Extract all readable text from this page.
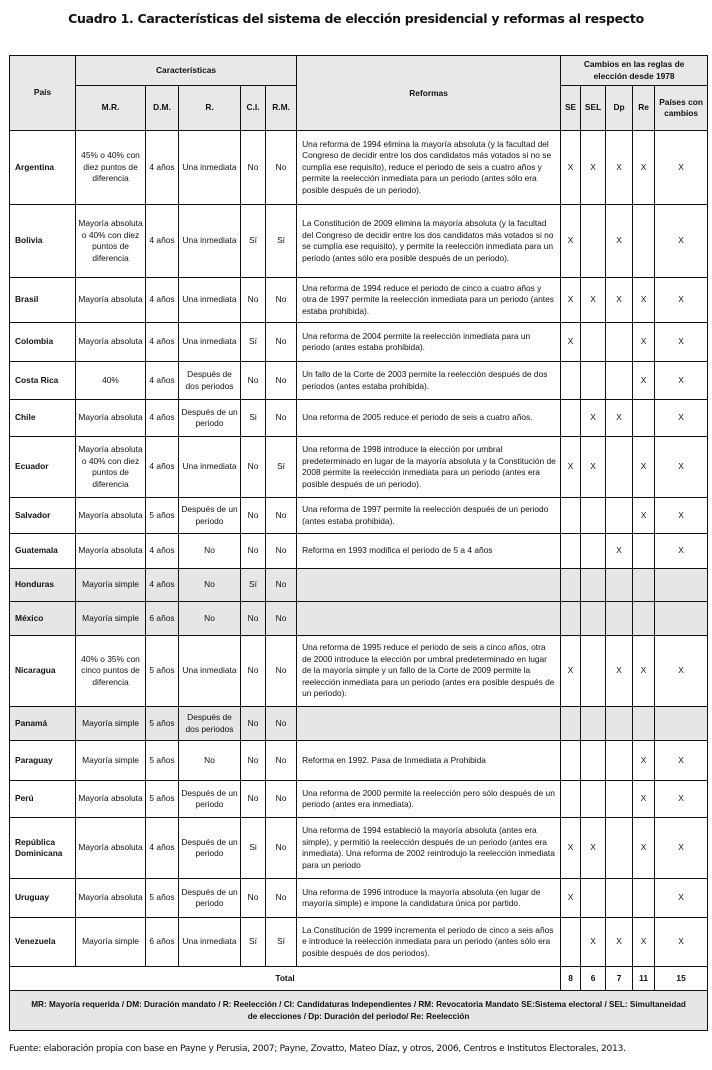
Cuadro 1. Características del sistema de elección presidencial y reformas al respecto
País	Características					Reformas	Cambios en las reglas de elección desde 1978				
	M.R.	D.M.	R.	C.I.	R.M.		SE	SEL	Dp	Re	Países con cambios
Argentina	45% o 40% con diez puntos de diferencia	4 años	Una inmediata	No	No	Una reforma de 1994 elimina la mayoría absoluta (y la facultad del Congreso de decidir entre los dos candidatos más votados si no se cumplía ese requisito), reduce el periodo de seis a cuatro años y permite la reelección inmediata para un periodo (antes sólo era posible después de un periodo).	X	X	X	X	X
Bolivia	Mayoría absoluta o 40% con diez puntos de diferencia	4 años	Una inmediata	Sí	Sí	La Constitución de 2009 elimina la mayoría absoluta (y la facultad del Congreso de decidir entre los dos candidatos más votados si no se cumplía ese requisito), y permite la reelección inmediata para un periodo (antes sólo era posible después de un periodo).	X		X		X
Brasil	Mayoría absoluta	4 años	Una inmediata	No	No	Una reforma de 1994 reduce el periodo de cinco a cuatro años y otra de 1997 permite la reelección inmediata para un periodo (antes estaba prohibida).	X	X	X	X	X
Colombia	Mayoría absoluta	4 años	Una inmediata	Sí	No	Una reforma de 2004 permite la reelección inmediata para un periodo (antes estaba prohibida).	X			X	X
Costa Rica	40%	4 años	Después de dos periodos	No	No	Un fallo de la Corte de 2003 permite la reelección después de dos periodos (antes estaba prohibida).				X	X
Chile	Mayoría absoluta	4 años	Después de un periodo	Si	No	Una reforma de 2005 reduce el periodo de seis a cuatro años.		X	X		X
Ecuador	Mayoría absoluta o 40% con diez puntos de diferencia	4 años	Una inmediata	No	Sí	Una reforma de 1998 introduce la elección por umbral predeterminado en lugar de la mayoría absoluta y la Constitución de 2008 permite la reelección inmediata para un periodo (antes era posible después de un periodo).	X	X		X	X
Salvador	Mayoría absoluta	5 años	Después de un periodo	No	No	Una reforma de 1997 permite la reelección después de un periodo (antes estaba prohibida).				X	X
Guatemala	Mayoría absoluta	4 años	No	No	No	Reforma en 1993 modifica el periodo de 5 a 4 años			X		X
Honduras	Mayoría simple	4 años	No	Sí	No						
México	Mayoría simple	6 años	No	No	No						
Nicaragua	40% o 35% con cinco puntos de diferencia	5 años	Una inmediata	No	No	Una reforma de 1995 reduce el periodo de seis a cinco años, otra de 2000 introduce la elección por umbral predeterminado en lugar de la mayoría simple y un fallo de la Corte de 2009 permite la reelección inmediata para un periodo (antes era posible después de un periodo).	X		X	X	X
Panamá	Mayoría simple	5 años	Después de dos periodos	No	No						
Paraguay	Mayoría simple	5 años	No	No	No	Reforma en 1992. Pasa de Inmediata a Prohibida				X	X
Perú	Mayoría absoluta	5 años	Después de un periodo	No	No	Una reforma de 2000 permite la reelección pero sólo después de un periodo (antes era inmediata).				X	X
República Dominicana	Mayoría absoluta	4 años	Después de un periodo	Si	No	Una reforma de 1994 estableció la mayoría absoluta (antes era simple), y permitió la reelección después de un periodo (antes era inmediata). Una reforma de 2002 reintrodujo la reelección inmediata para un periodo	X	X		X	X
Uruguay	Mayoría absoluta	5 años	Después de un periodo	No	No	Una reforma de 1996 introduce la mayoría absoluta (en lugar de mayoría simple) e impone la candidatura única por partido.	X				X
Venezuela	Mayoría simple	6 años	Una inmediata	Sí	Sí	La Constitución de 1999 incrementa el periodo de cinco a seis años e introduce la reelección inmediata para un periodo (antes sólo era posible después de dos periodos).		X	X	X	X
Total							8	6	7	11	15
MR: Mayoría requerida / DM: Duración mandato / R: Reelección / CI: Candidaturas Independientes / RM: Revocatoria Mandato SE:Sistema electoral / SEL: Simultaneidad de elecciones / Dp: Duración del periodo/ Re: Reelección											
Fuente: elaboración propia con base en Payne y Perusia, 2007; Payne, Zovatto, Mateo Díaz, y otros, 2006, Centros e Institutos Electorales, 2013.
